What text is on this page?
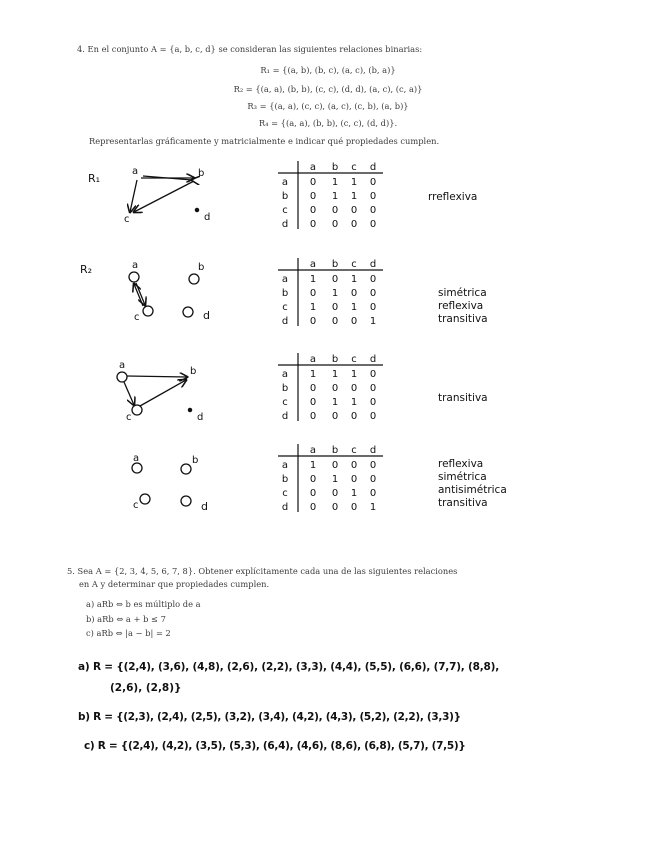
4. En el conjunto A = {a, b, c, d} se consideran las siguientes relaciones binarias:
R₁ = {(a, b), (b, c), (a, c), (b, a)}
R₂ = {(a, a), (b, b), (c, c), (d, d), (a, c), (c, a)}
R₃ = {(a, a), (c, c), (a, c), (c, b), (a, b)}
R₄ = {(a, a), (b, b), (c, c), (d, d)}.
Representarlas gráficamente y matricialmente e indicar qué propiedades cumplen.
R₁
a	b
c	d
R₂	a	b
c	d
a
b
c	d
a	b
c	d
a b c d
a 0 1 1 0
b 0 1 1 0
c 0 0 0 0
d 0 0 0 0
a b c d
a 1 0 1 0
b 0 1 0 0
c 1 0 1 0
d 0 0 0 1
a b c d
a 1 1 1 0
b 0 0 0 0
c 0 1 1 0
d 0 0 0 0
a b c d
a 1 0 0 0
b 0 1 0 0
c 0 0 1 0
d 0 0 0 1
rreflexiva
simétrica
reflexiva
transitiva
transitiva
reflexiva
simétrica
antisimétrica
transitiva
5. Sea A = {2, 3, 4, 5, 6, 7, 8}. Obtener explícitamente cada una de las siguientes relaciones
en A y determinar que propiedades cumplen.
a) aRb ⇔ b es múltiplo de a
b) aRb ⇔ a + b ≤ 7
c) aRb ⇔ |a − b| = 2
a) R = {(2,4), (3,6), (4,8), (2,6), (2,2), (3,3), (4,4), (5,5), (6,6), (7,7), (8,8),
(2,6), (2,8)}
b) R = {(2,3), (2,4), (2,5), (3,2), (3,4), (4,2), (4,3), (5,2), (2,2), (3,3)}
c) R = {(2,4), (4,2), (3,5), (5,3), (6,4), (4,6), (8,6), (6,8), (5,7), (7,5)}
